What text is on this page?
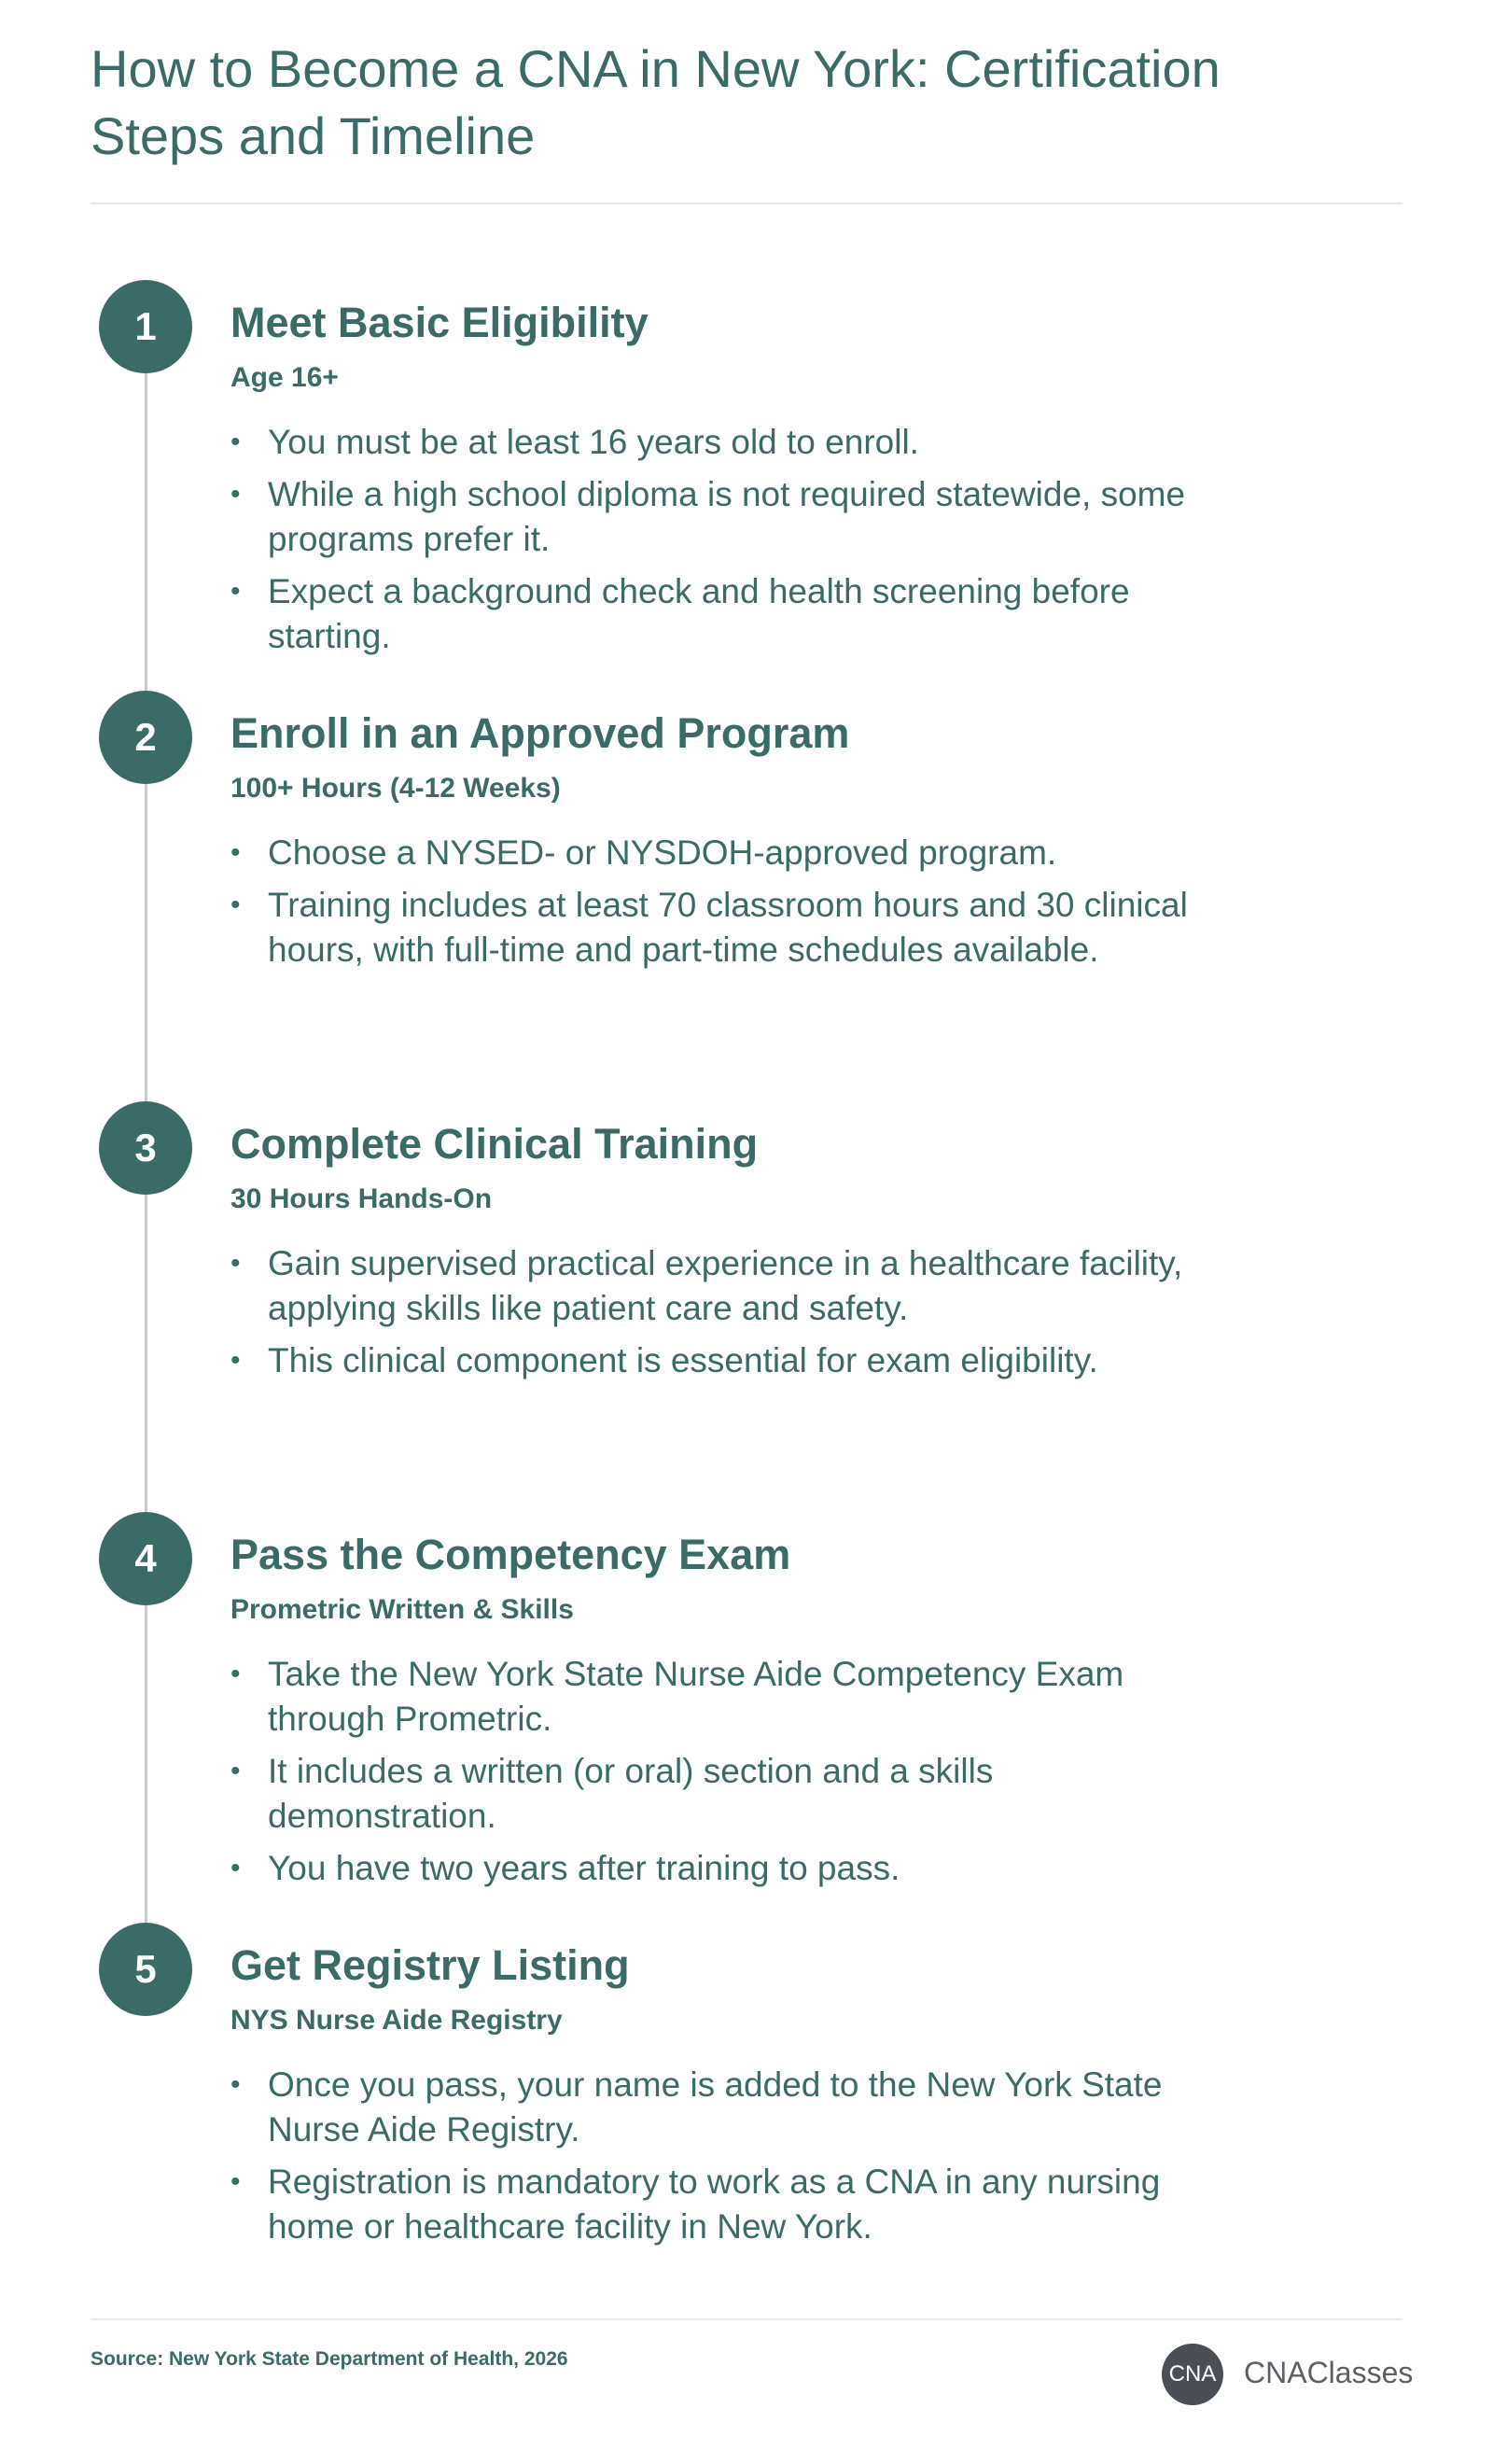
How to Become a CNA in New York: Certification Steps and Timeline
1	Meet Basic Eligibility
Age 16+
• You must be at least 16 years old to enroll.
• While a high school diploma is not required statewide, some programs prefer it.
• Expect a background check and health screening before starting.
2	Enroll in an Approved Program
100+ Hours (4-12 Weeks)
• Choose a NYSED- or NYSDOH-approved program.
• Training includes at least 70 classroom hours and 30 clinical hours, with full-time and part-time schedules available.
3	Complete Clinical Training
30 Hours Hands-On
• Gain supervised practical experience in a healthcare facility, applying skills like patient care and safety.
• This clinical component is essential for exam eligibility.
4	Pass the Competency Exam
Prometric Written & Skills
• Take the New York State Nurse Aide Competency Exam through Prometric.
• It includes a written (or oral) section and a skills demonstration.
• You have two years after training to pass.
5	Get Registry Listing
NYS Nurse Aide Registry
• Once you pass, your name is added to the New York State Nurse Aide Registry.
• Registration is mandatory to work as a CNA in any nursing home or healthcare facility in New York.
Source: New York State Department of Health, 2026
CNA CNAClasses
